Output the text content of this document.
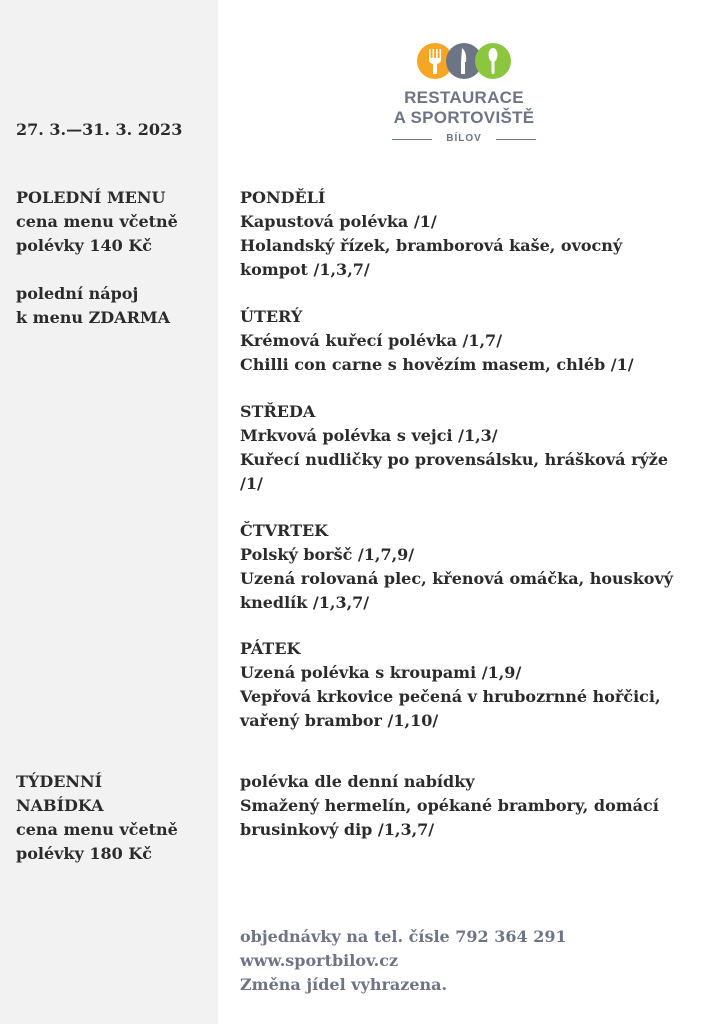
RESTAURACE
A SPORTOVIŠTĚ
BÍLOV
27. 3.—31. 3. 2023
POLEDNÍ MENU
cena menu včetně
polévky 140 Kč
polední nápoj
k menu ZDARMA
TÝDENNÍ
NABÍDKA
cena menu včetně
polévky 180 Kč
PONDĚLÍ
Kapustová polévka /1/
Holandský řízek, bramborová kaše, ovocný
kompot /1,3,7/
ÚTERÝ
Krémová kuřecí polévka /1,7/
Chilli con carne s hovězím masem, chléb /1/
STŘEDA
Mrkvová polévka s vejci /1,3/
Kuřecí nudličky po provensálsku, hrášková rýže
/1/
ČTVRTEK
Polský boršč /1,7,9/
Uzená rolovaná plec, křenová omáčka, houskový
knedlík /1,3,7/
PÁTEK
Uzená polévka s kroupami /1,9/
Vepřová krkovice pečená v hrubozrnné hořčici,
vařený brambor /1,10/
polévka dle denní nabídky
Smažený hermelín, opékané brambory, domácí
brusinkový dip /1,3,7/
objednávky na tel. čísle 792 364 291
www.sportbilov.cz
Změna jídel vyhrazena.
